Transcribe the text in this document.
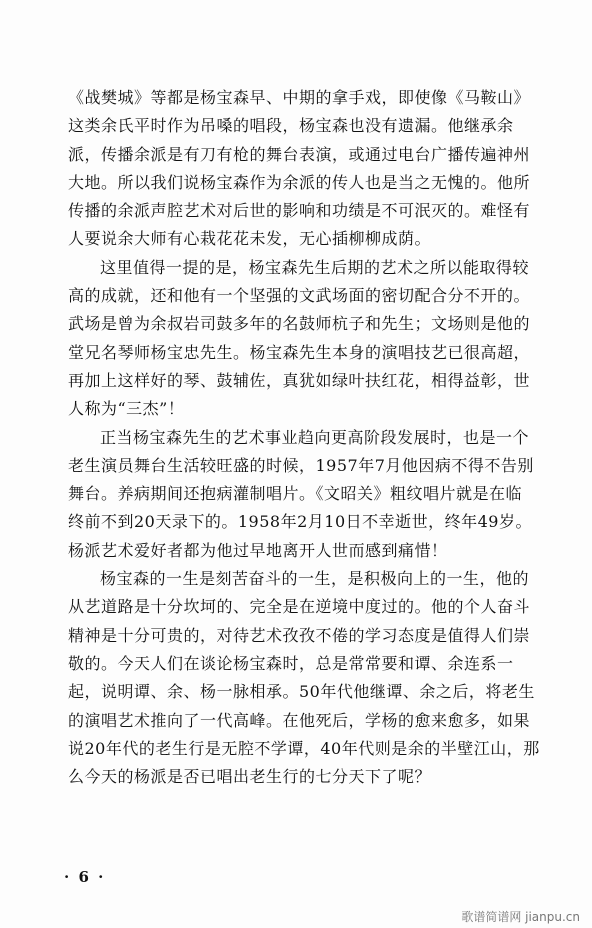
《战樊城》等都是杨宝森早、中期的拿手戏，即使像《马鞍山》
这类余氏平时作为吊嗓的唱段，杨宝森也没有遗漏。他继承余
派，传播余派是有刀有枪的舞台表演，或通过电台广播传遍神州
大地。所以我们说杨宝森作为余派的传人也是当之无愧的。他所
传播的余派声腔艺术对后世的影响和功绩是不可泯灭的。难怪有
人要说余大师有心栽花花未发，无心插柳柳成荫。
这里值得一提的是，杨宝森先生后期的艺术之所以能取得较
高的成就，还和他有一个坚强的文武场面的密切配合分不开的。
武场是曾为余叔岩司鼓多年的名鼓师杭子和先生；文场则是他的
堂兄名琴师杨宝忠先生。杨宝森先生本身的演唱技艺已很高超，
再加上这样好的琴、鼓辅佐，真犹如绿叶扶红花，相得益彰，世
人称为“三杰”！
正当杨宝森先生的艺术事业趋向更高阶段发展时，也是一个
老生演员舞台生活较旺盛的时候，1957年7月他因病不得不告别
舞台。养病期间还抱病灌制唱片。《文昭关》粗纹唱片就是在临
终前不到20天录下的。1958年2月10日不幸逝世，终年49岁。
杨派艺术爱好者都为他过早地离开人世而感到痛惜！
杨宝森的一生是刻苦奋斗的一生，是积极向上的一生，他的
从艺道路是十分坎坷的、完全是在逆境中度过的。他的个人奋斗
精神是十分可贵的，对待艺术孜孜不倦的学习态度是值得人们崇
敬的。今天人们在谈论杨宝森时，总是常常要和谭、余连系一
起，说明谭、余、杨一脉相承。50年代他继谭、余之后，将老生
的演唱艺术推向了一代高峰。在他死后，学杨的愈来愈多，如果
说20年代的老生行是无腔不学谭，40年代则是余的半壁江山，那
么今天的杨派是否已唱出老生行的七分天下了呢？
· 6 ·
歌谱简谱网 jianpu.cn
